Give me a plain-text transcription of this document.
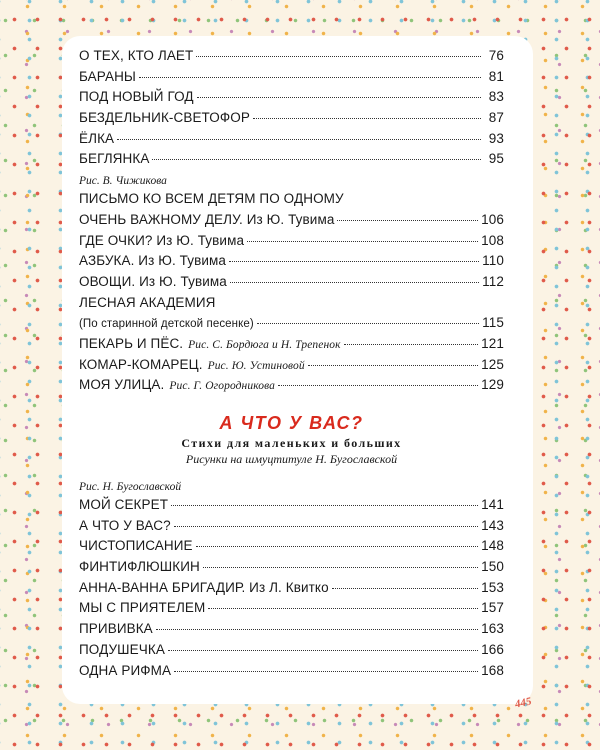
О ТЕХ, КТО ЛАЕТ	76
БАРАНЫ	81
ПОД НОВЫЙ ГОД	83
БЕЗДЕЛЬНИК-СВЕТОФОР	87
ЁЛКА	93
БЕГЛЯНКА	95
Рис. В. Чижикова
ПИСЬМО КО ВСЕМ ДЕТЯМ ПО ОДНОМУ
ОЧЕНЬ ВАЖНОМУ ДЕЛУ. Из Ю. Тувима	106
ГДЕ ОЧКИ? Из Ю. Тувима	108
АЗБУКА. Из Ю. Тувима	110
ОВОЩИ. Из Ю. Тувима	112
ЛЕСНАЯ АКАДЕМИЯ
(По старинной детской песенке)	115
ПЕКАРЬ И ПЁС. Рис. С. Бордюга и Н. Трепенок	121
КОМАР-КОМАРЕЦ. Рис. Ю. Устиновой	125
МОЯ УЛИЦА. Рис. Г. Огородникова	129
А ЧТО У ВАС?
Стихи для маленьких и больших
Рисунки на шмуцтитуле Н. Бугославской
Рис. Н. Бугославской
МОЙ СЕКРЕТ	141
А ЧТО У ВАС?	143
ЧИСТОПИСАНИЕ	148
ФИНТИФЛЮШКИН	150
АННА-ВАННА БРИГАДИР. Из Л. Квитко	153
МЫ С ПРИЯТЕЛЕМ	157
ПРИВИВКА	163
ПОДУШЕЧКА	166
ОДНА РИФМА	168
445
